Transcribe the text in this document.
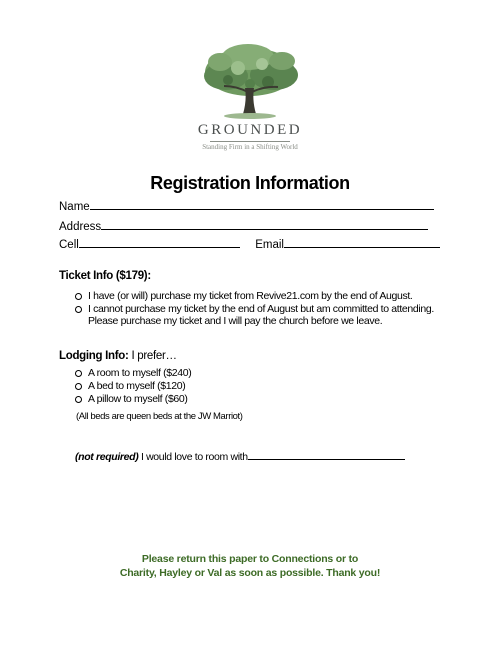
GROUNDED
Standing Firm in a Shifting World
Registration Information
Name
Address
Cell	Email
Ticket Info ($179):
I have (or will) purchase my ticket from Revive21.com by the end of August.
I cannot purchase my ticket by the end of August but am committed to attending. Please purchase my ticket and I will pay the church before we leave.
Lodging Info: I prefer…
A room to myself ($240)
A bed to myself ($120)
A pillow to myself ($60)
(All beds are queen beds at the JW Marriot)
(not required) I would love to room with
Please return this paper to Connections or to
Charity, Hayley or Val as soon as possible. Thank you!
